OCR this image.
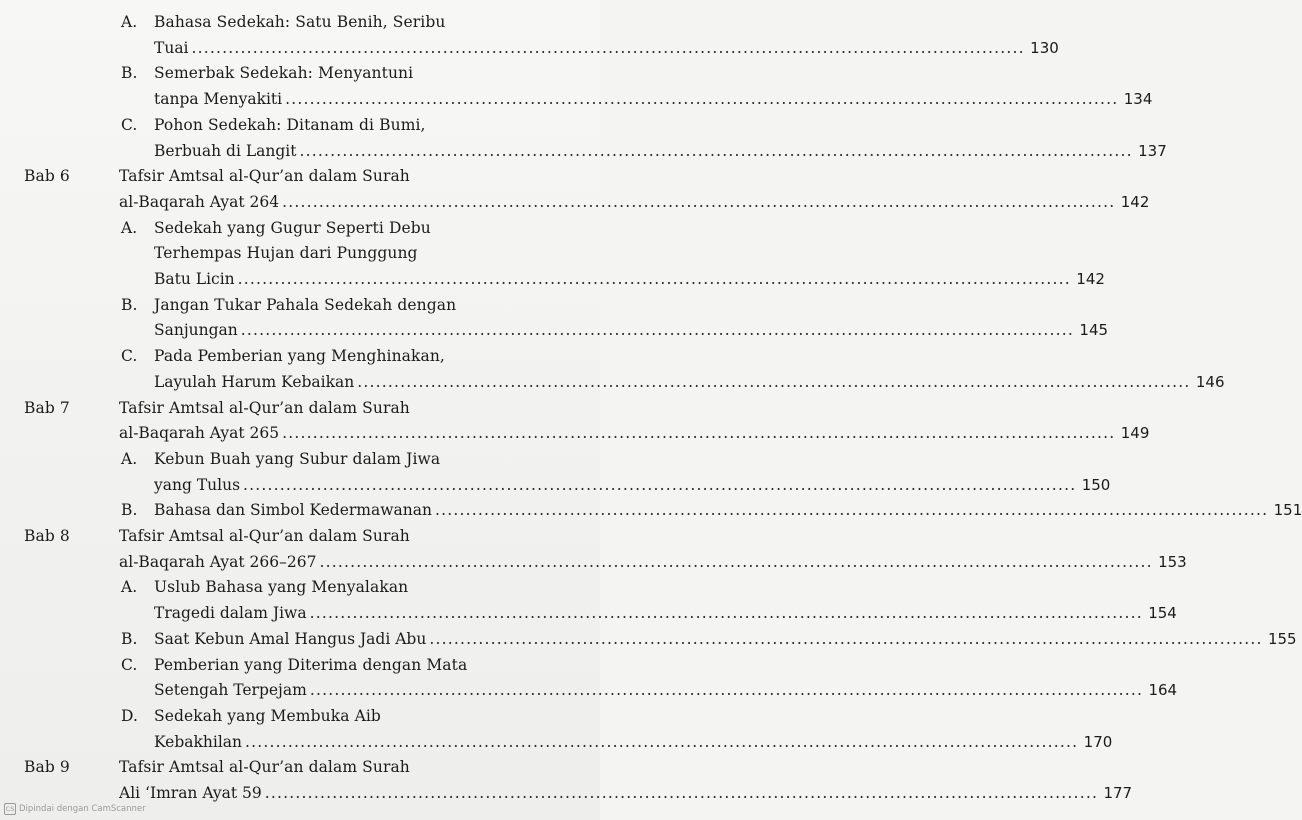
A. Bahasa Sedekah: Satu Benih, Seribu
Tuai ........................................................................................................................................ 130
B. Semerbak Sedekah: Menyantuni
tanpa Menyakiti ........................................................................................................................................ 134
C. Pohon Sedekah: Ditanam di Bumi,
Berbuah di Langit ........................................................................................................................................ 137
Bab 6	Tafsir Amtsal al-Qur’an dalam Surah
al-Baqarah Ayat 264 ........................................................................................................................................ 142
A. Sedekah yang Gugur Seperti Debu
Terhempas Hujan dari Punggung
Batu Licin ........................................................................................................................................ 142
B. Jangan Tukar Pahala Sedekah dengan
Sanjungan ........................................................................................................................................ 145
C. Pada Pemberian yang Menghinakan,
Layulah Harum Kebaikan ........................................................................................................................................ 146
Bab 7	Tafsir Amtsal al-Qur’an dalam Surah
al-Baqarah Ayat 265 ........................................................................................................................................ 149
A. Kebun Buah yang Subur dalam Jiwa
yang Tulus ........................................................................................................................................ 150
B. Bahasa dan Simbol Kedermawanan ........................................................................................................................................ 151
Bab 8	Tafsir Amtsal al-Qur’an dalam Surah
al-Baqarah Ayat 266–267 ........................................................................................................................................ 153
A. Uslub Bahasa yang Menyalakan
Tragedi dalam Jiwa ........................................................................................................................................ 154
B. Saat Kebun Amal Hangus Jadi Abu ........................................................................................................................................ 155
C. Pemberian yang Diterima dengan Mata
Setengah Terpejam ........................................................................................................................................ 164
D. Sedekah yang Membuka Aib
Kebakhilan ........................................................................................................................................ 170
Bab 9	Tafsir Amtsal al-Qur’an dalam Surah
Ali ‘Imran Ayat 59 ........................................................................................................................................ 177
CS Dipindai dengan CamScanner
